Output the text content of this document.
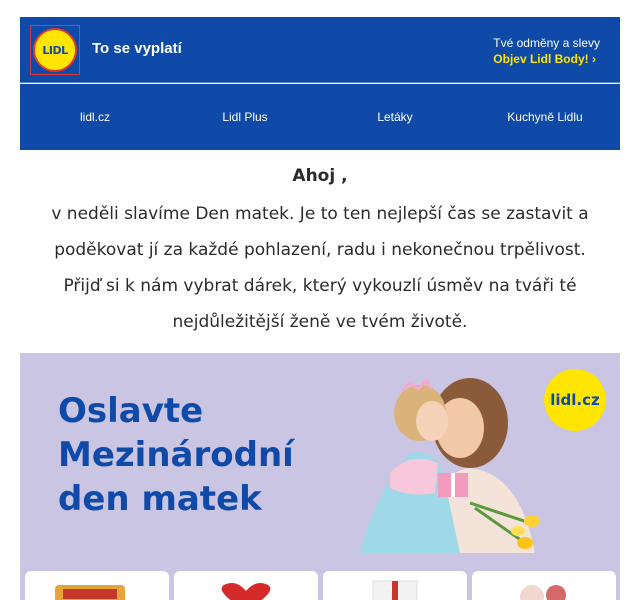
LIDL To se vyplatí	Tvé odměny a slevy
Objev Lidl Body! ›
lidl.cz	Lidl Plus	Letáky	Kuchyně Lidlu
Ahoj ,
v neděli slavíme Den matek. Je to ten nejlepší čas se zastavit a poděkovat jí za každé pohlazení, radu i nekonečnou trpělivost. Přijď si k nám vybrat dárek, který vykouzlí úsměv na tváři té nejdůležitější ženě ve tvém životě.
Oslavte
Mezinárodní
den matek
lidl.cz
